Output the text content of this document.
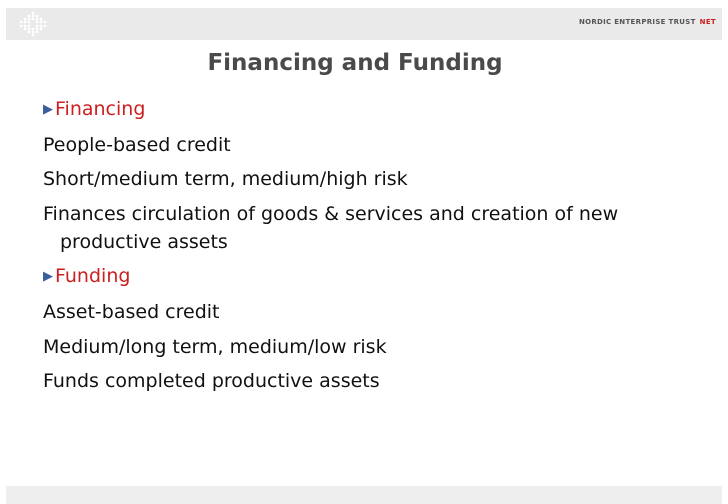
NORDIC ENTERPRISE TRUST NET
Financing and Funding
▶ Financing
People-based credit
Short/medium term, medium/high risk
Finances circulation of goods & services and creation of new
productive assets
▶ Funding
Asset-based credit
Medium/long term, medium/low risk
Funds completed productive assets
